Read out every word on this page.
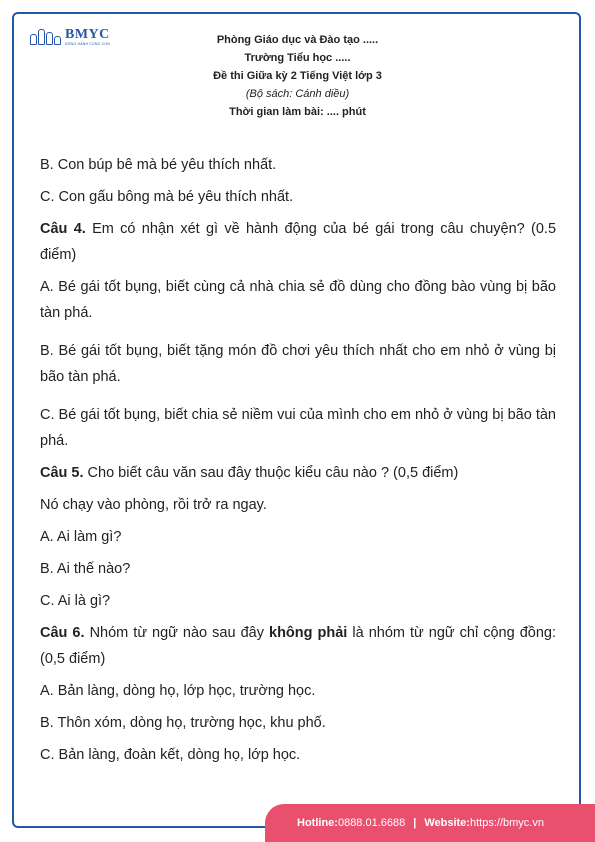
BMYC
ĐỒNG HÀNH CÙNG CON	Phòng Giáo dục và Đào tạo .....
Trường Tiểu học .....
Đề thi Giữa kỳ 2 Tiếng Việt lớp 3
(Bộ sách: Cánh diều)
Thời gian làm bài: .... phút

B. Con búp bê mà bé yêu thích nhất.

C. Con gấu bông mà bé yêu thích nhất.

Câu 4. Em có nhận xét gì về hành động của bé gái trong câu chuyện? (0.5 điểm)

A. Bé gái tốt bụng, biết cùng cả nhà chia sẻ đồ dùng cho đồng bào vùng bị bão tàn phá.

B. Bé gái tốt bụng, biết tặng món đồ chơi yêu thích nhất cho em nhỏ ở vùng bị bão tàn phá.

C. Bé gái tốt bụng, biết chia sẻ niềm vui của mình cho em nhỏ ở vùng bị bão tàn phá.

Câu 5. Cho biết câu văn sau đây thuộc kiểu câu nào ? (0,5 điểm)

Nó chạy vào phòng, rồi trở ra ngay.

A. Ai làm gì?

B. Ai thế nào?

C. Ai là gì?

Câu 6. Nhóm từ ngữ nào sau đây không phải là nhóm từ ngữ chỉ cộng đồng: (0,5 điểm)

A. Bản làng, dòng họ, lớp học, trường học.

B. Thôn xóm, dòng họ, trường học, khu phố.

C. Bản làng, đoàn kết, dòng họ, lớp học.

Hotline: 0888.01.6688 | Website: https://bmyc.vn
